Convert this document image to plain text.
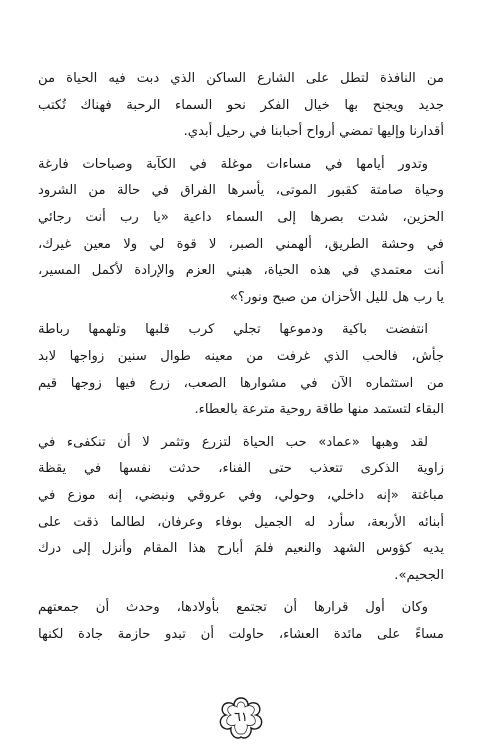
من النافذة لتطل على الشارع الساكن الذي دبت فيه الحياة من
جديد ويجنح بها خيال الفكر نحو السماء الرحبة فهناك تُكتب
أقدارنا وإليها تمضي أرواح أحبابنا في رحيل أبدي.
وتدور أيامها في مساءات موغلة في الكآبة وصباحات فارغة
وحياة صامتة كقبور الموتى، يأسرها الفراق في حالة من الشرود
الحزين، شدت بصرها إلى السماء داعية «يا رب أنت رجائي
في وحشة الطريق، ألهمني الصبر، لا قوة لي ولا معين غيرك،
أنت معتمدي في هذه الحياة، هبني العزم والإرادة لأكمل المسير،
يا رب هل لليل الأحزان من صبح ونور؟»
انتفضت باكية ودموعها تجلي كرب قلبها وتلهمها رباطة
جأش، فالحب الذي غرفت من معينه طوال سنين زواجها لابد
من استثماره الآن في مشوارها الصعب، زرع فيها زوجها قيم
البقاء لتستمد منها طاقة روحية مترعة بالعطاء.
لقد وهبها «عماد» حب الحياة لتزرع وتثمر لا أن تنكفىء في
زاوية الذكرى تتعذب حتى الفناء، حدثت نفسها في يقظة
مباغتة «إنه داخلي، وحولي، وفي عروقي ونبضي، إنه موزع في
أبنائه الأربعة، سأرد له الجميل بوفاء وعرفان، لطالما ذقت على
يديه كؤوس الشهد والنعيم فلمَ أبارح هذا المقام وأنزل إلى درك
الجحيم».
وكان أول قرارها أن تجتمع بأولادها، وحدث أن جمعتهم
مساءً على مائدة العشاء، حاولت أن تبدو حازمة جادة لكنها
٦١
